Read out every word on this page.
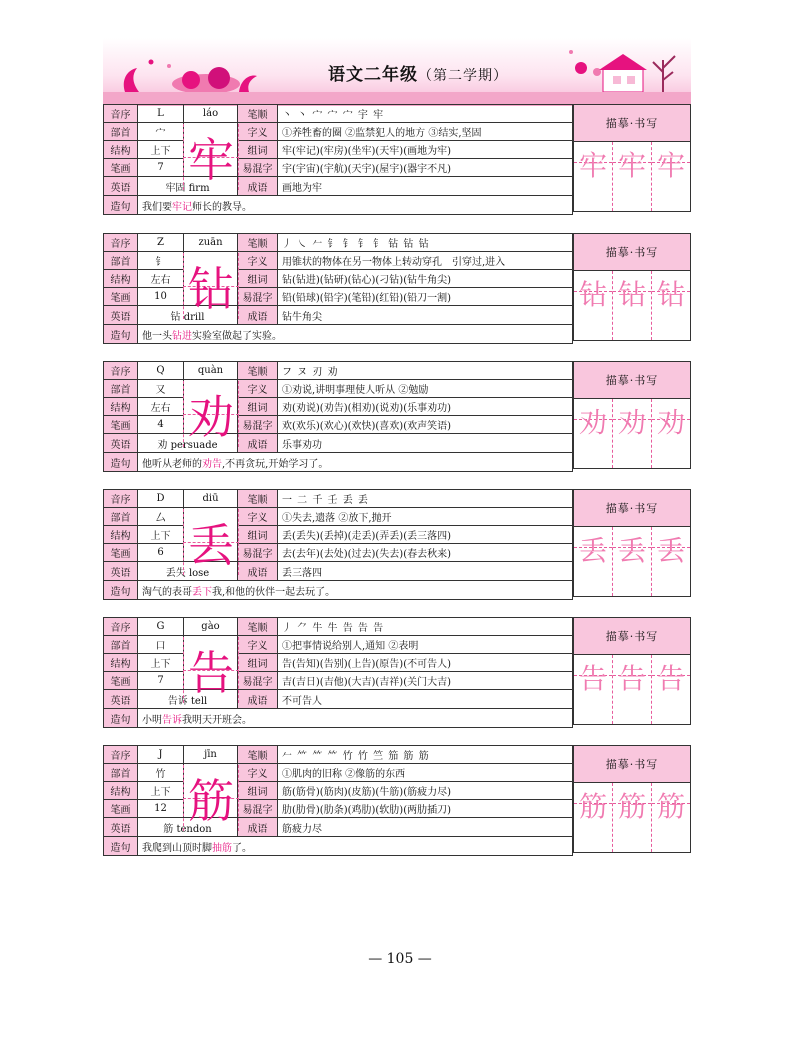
语文二年级（第二学期）
音序	L	láo	笔顺	丶 丶 宀 宀 宀 宇 牢
部首	宀		字义	①养牲畜的圈 ②监禁犯人的地方 ③结实,坚固
结构	上下		组词	牢(牢记)(牢房)(坐牢)(天牢)(画地为牢)
笔画	7		易混字	宇(宇宙)(宇航)(天宇)(屋宇)(器宇不凡)
英语	牢固 firm		成语	画地为牢
造句	我们要牢记师长的教导。			
牢
描摹·书写
牢 牢 牢
音序	Z	zuān	笔顺	丿 ㇏ 𠂉 钅 钅 钅 钅 钻 钻 钻
部首	钅		字义	用锥状的物体在另一物体上转动穿孔　引穿过,进入
结构	左右		组词	钻(钻进)(钻研)(钻心)(刁钻)(钻牛角尖)
笔画	10		易混字	铅(铅球)(铅字)(笔铅)(红铅)(铅刀一割)
英语	钻 drill		成语	钻牛角尖
造句	他一头钻进实验室做起了实验。			
钻
描摹·书写
钻 钻 钻
音序	Q	quàn	笔顺	フ ヌ 刃 劝
部首	又		字义	①劝说,讲明事理使人听从 ②勉励
结构	左右		组词	劝(劝说)(劝告)(相劝)(说劝)(乐事劝功)
笔画	4		易混字	欢(欢乐)(欢心)(欢快)(喜欢)(欢声笑语)
英语	劝 persuade		成语	乐事劝功
造句	他听从老师的劝告,不再贪玩,开始学习了。			
劝
描摹·书写
劝 劝 劝
音序	D	diū	笔顺	一 二 千 壬 丢 丢
部首	厶		字义	①失去,遗落 ②放下,抛开
结构	上下		组词	丢(丢失)(丢掉)(走丢)(弄丢)(丢三落四)
笔画	6		易混字	去(去年)(去处)(过去)(失去)(春去秋来)
英语	丢失 lose		成语	丢三落四
造句	淘气的表哥丢下我,和他的伙伴一起去玩了。			
丢
描摹·书写
丢 丢 丢
音序	G	gào	笔顺	丿 ⺈ 牛 牛 告 告 告
部首	口		字义	①把事情说给别人,通知 ②表明
结构	上下		组词	告(告知)(告别)(上告)(原告)(不可告人)
笔画	7		易混字	吉(吉日)(吉他)(大吉)(吉祥)(关门大吉)
英语	告诉 tell		成语	不可告人
造句	小明告诉我明天开班会。			
告
描摹·书写
告 告 告
音序	J	jīn	笔顺	𠂉 ⺮ ⺮ ⺮ 竹 竹 竺 笳 筋 筋
部首	竹		字义	①肌肉的旧称 ②像筋的东西
结构	上下		组词	筋(筋骨)(筋肉)(皮筋)(牛筋)(筋疲力尽)
笔画	12		易混字	肋(肋骨)(肋条)(鸡肋)(软肋)(两肋插刀)
英语	筋 tendon		成语	筋疲力尽
造句	我爬到山顶时脚抽筋了。			
筋
描摹·书写
筋 筋 筋
— 105 —
